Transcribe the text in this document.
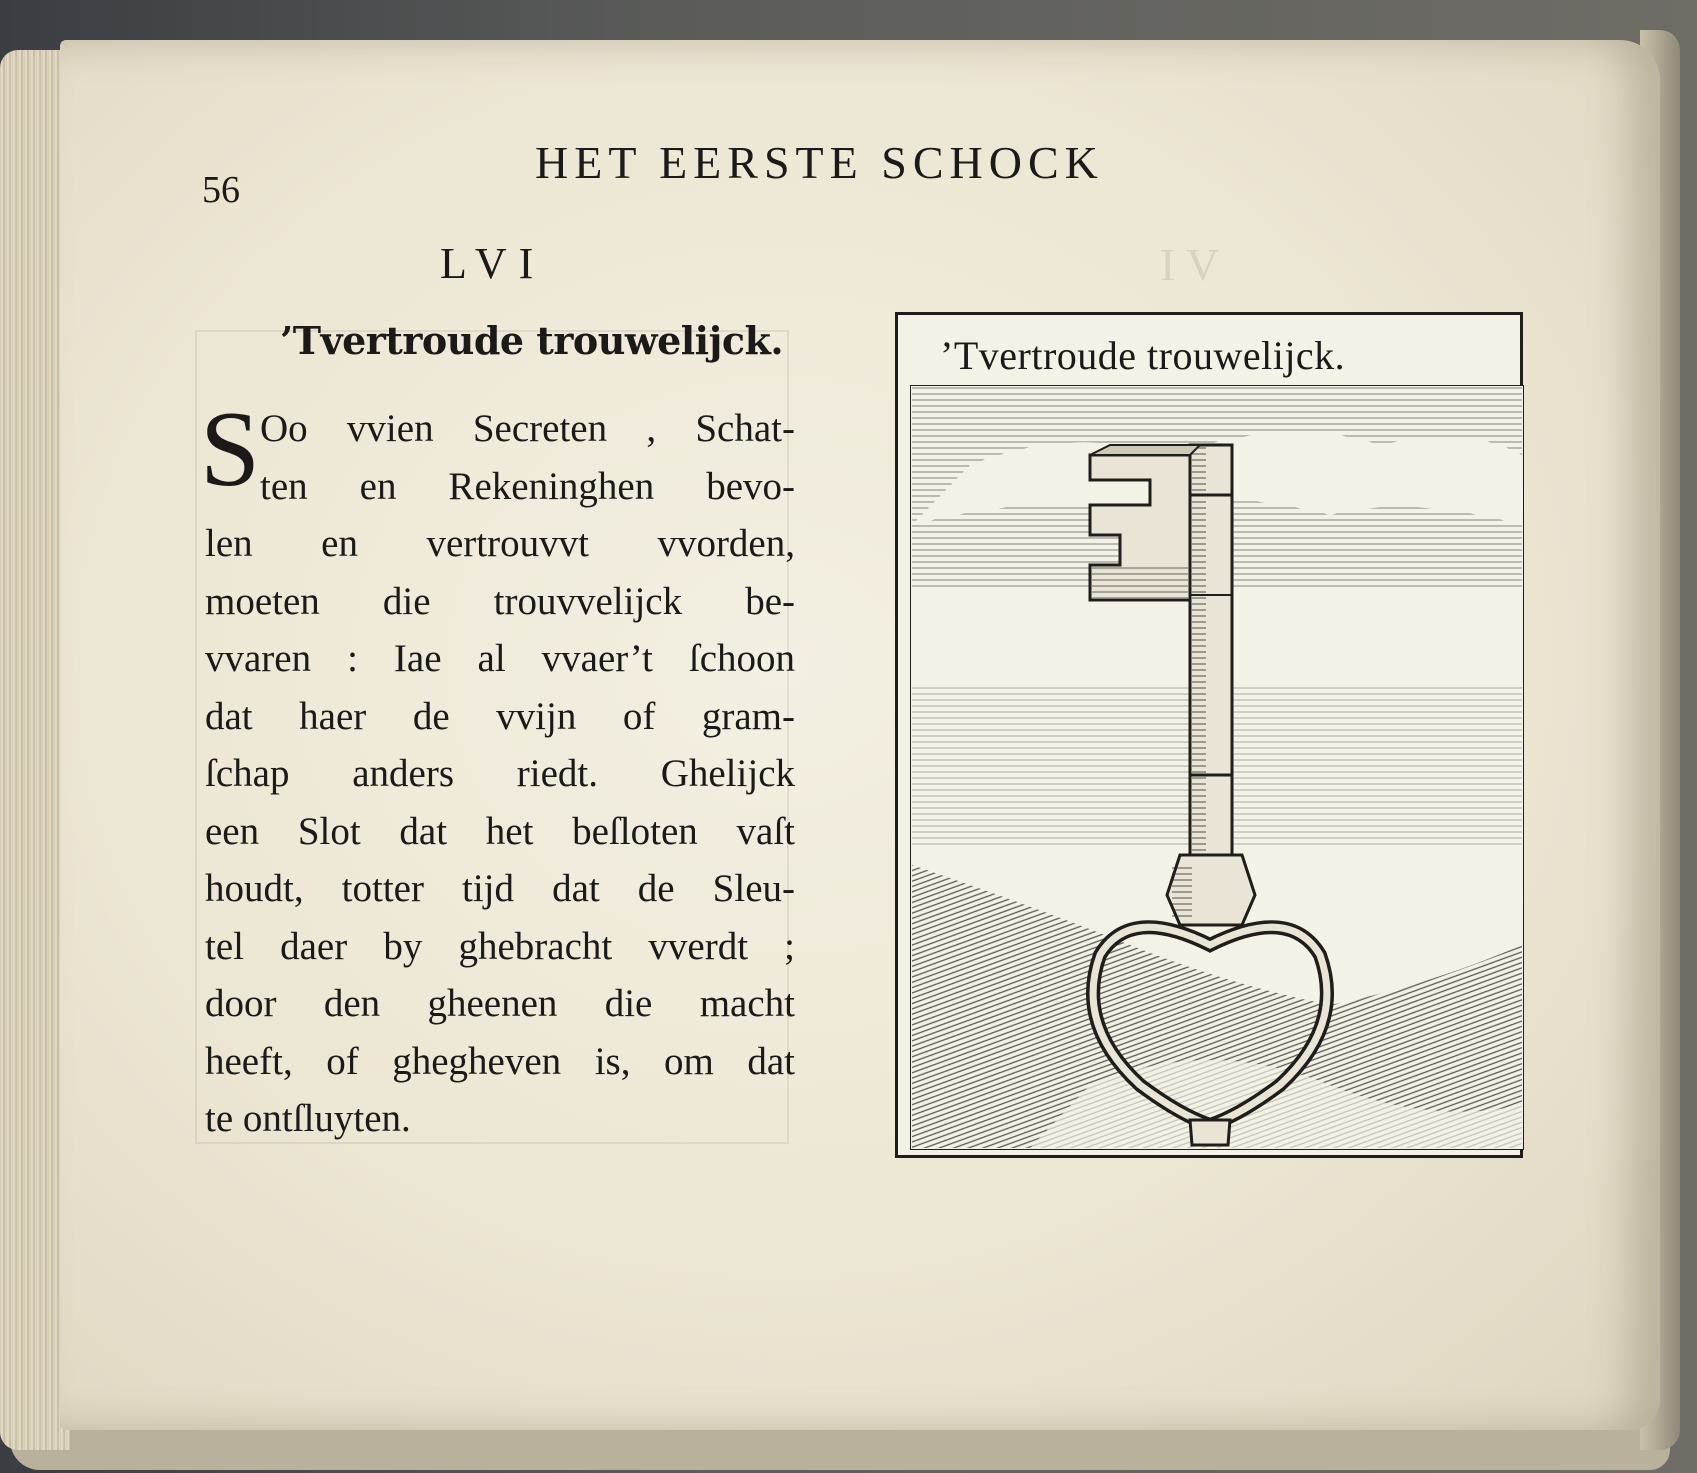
I V
HET EERSTE SCHOCK
56
LVI
’Tvertroude trouwelijck.
S Oo vvien Secreten , Schat-
ten en Rekeninghen bevo-
len en vertrouvvt vvorden,
moeten die trouvvelijck be-
vvaren : Iae al vvaer’t ſchoon
dat haer de vvijn of gram-
ſchap anders riedt. Ghelijck
een Slot dat het beſloten vaſt
houdt, totter tijd dat de Sleu-
tel daer by ghebracht vverdt ;
door den gheenen die macht
heeft, of ghegheven is, om dat
te ontſluyten.
’Tvertroude trouwelijck.
